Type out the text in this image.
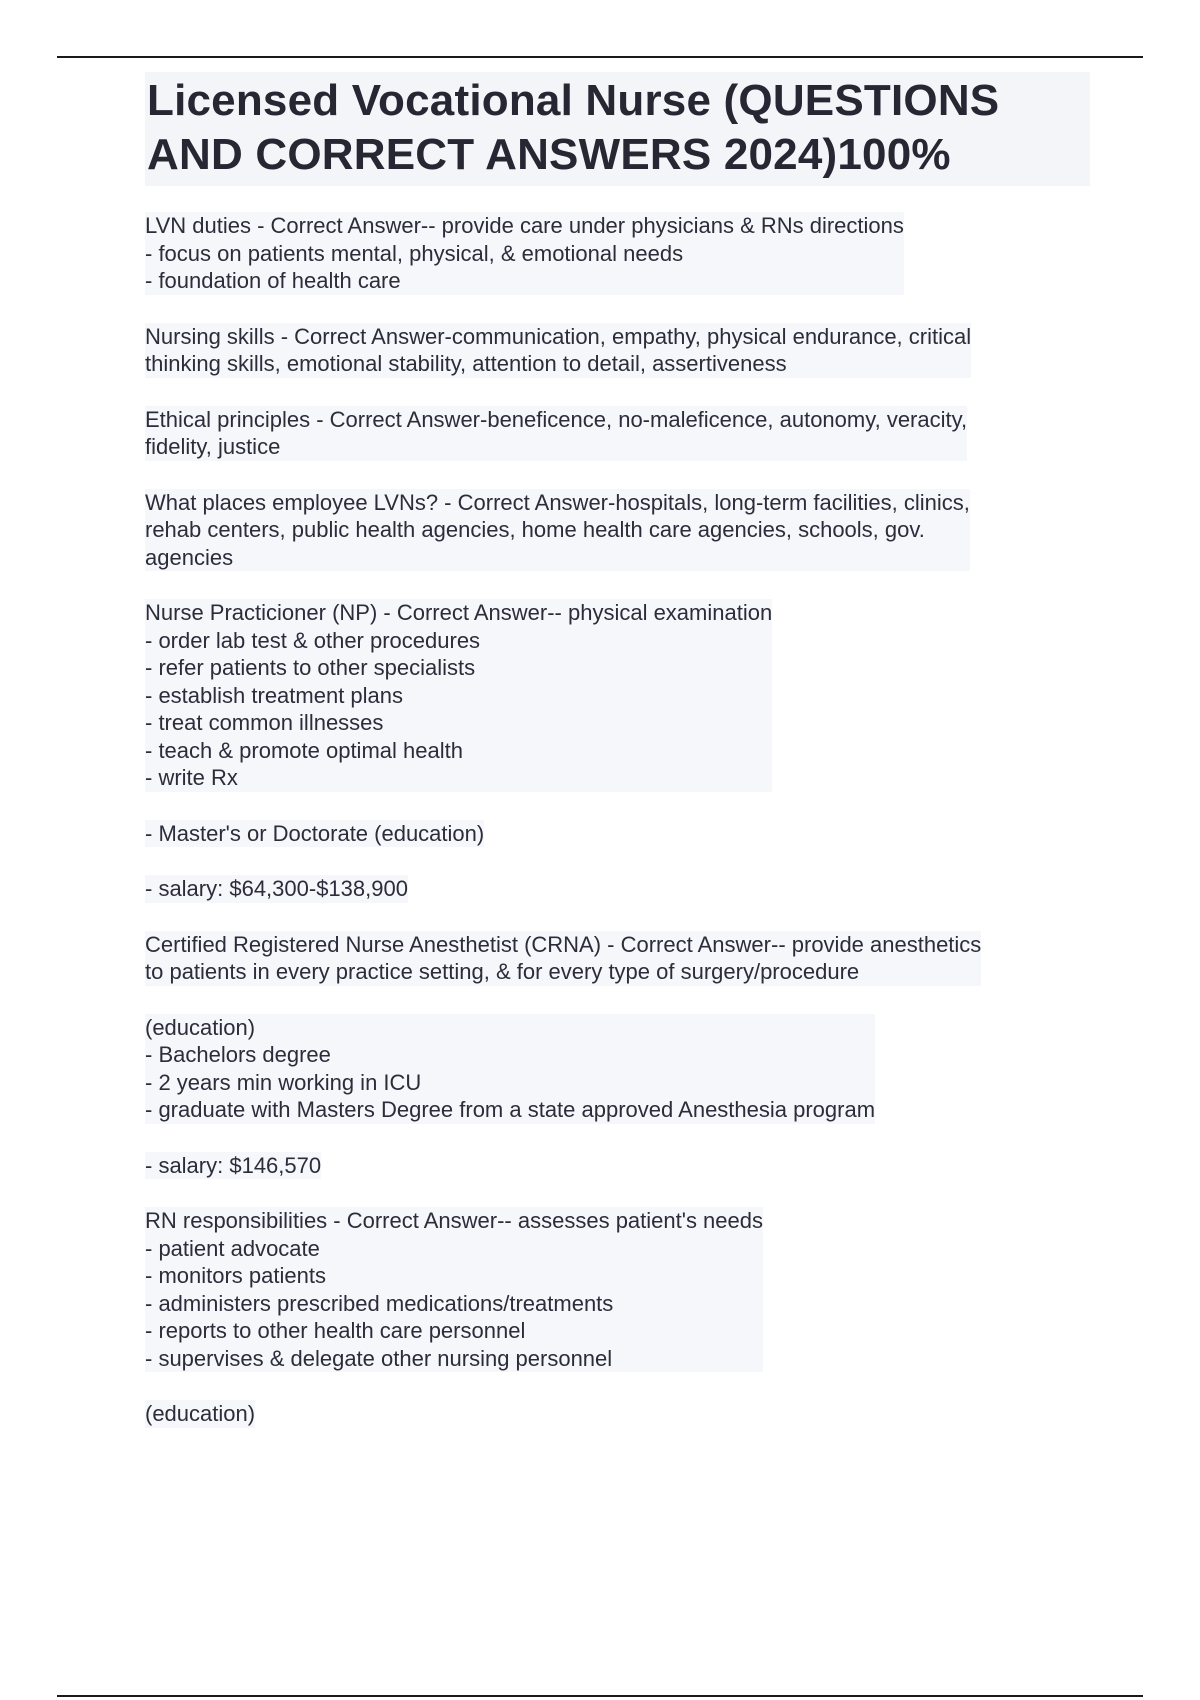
Licensed Vocational Nurse (QUESTIONS
AND CORRECT ANSWERS 2024)100%
LVN duties - Correct Answer-- provide care under physicians & RNs directions
- focus on patients mental, physical, & emotional needs
- foundation of health care
Nursing skills - Correct Answer-communication, empathy, physical endurance, critical
thinking skills, emotional stability, attention to detail, assertiveness
Ethical principles - Correct Answer-beneficence, no-maleficence, autonomy, veracity,
fidelity, justice
What places employee LVNs? - Correct Answer-hospitals, long-term facilities, clinics,
rehab centers, public health agencies, home health care agencies, schools, gov.
agencies
Nurse Practicioner (NP) - Correct Answer-- physical examination
- order lab test & other procedures
- refer patients to other specialists
- establish treatment plans
- treat common illnesses
- teach & promote optimal health
- write Rx
- Master's or Doctorate (education)
- salary: $64,300-$138,900
Certified Registered Nurse Anesthetist (CRNA) - Correct Answer-- provide anesthetics
to patients in every practice setting, & for every type of surgery/procedure
(education)
- Bachelors degree
- 2 years min working in ICU
- graduate with Masters Degree from a state approved Anesthesia program
- salary: $146,570
RN responsibilities - Correct Answer-- assesses patient's needs
- patient advocate
- monitors patients
- administers prescribed medications/treatments
- reports to other health care personnel
- supervises & delegate other nursing personnel
(education)
